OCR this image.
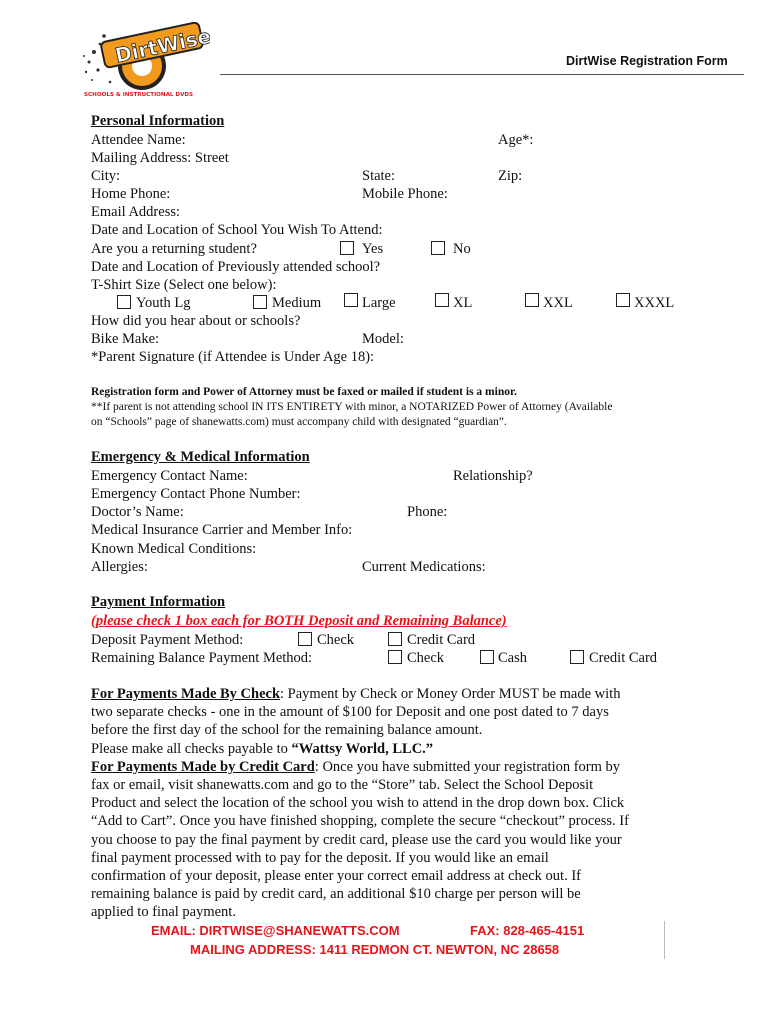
DirtWise
SCHOOLS & INSTRUCTIONAL DVDS
DirtWise Registration Form
Personal Information
Attendee Name:	Age*:
Mailing Address: Street
City:	State:	Zip:
Home Phone:	Mobile Phone:
Email Address:
Date and Location of School You Wish To Attend:
Are you a returning student?	Yes	No
Date and Location of Previously attended school?
T-Shirt Size (Select one below):
Youth Lg	Medium	Large	XL	XXL	XXXL
How did you hear about or schools?
Bike Make:	Model:
*Parent Signature (if Attendee is Under Age 18):
Registration form and Power of Attorney must be faxed or mailed if student is a minor.
**If parent is not attending school IN ITS ENTIRETY with minor, a NOTARIZED Power of Attorney (Available
on “Schools” page of shanewatts.com) must accompany child with designated “guardian”.
Emergency & Medical Information
Emergency Contact Name:	Relationship?
Emergency Contact Phone Number:
Doctor’s Name:	Phone:
Medical Insurance Carrier and Member Info:
Known Medical Conditions:
Allergies:	Current Medications:
Payment Information
(please check 1 box each for BOTH Deposit and Remaining Balance)
Deposit Payment Method:	Check	Credit Card
Remaining Balance Payment Method:	Check	Cash	Credit Card
For Payments Made By Check: Payment by Check or Money Order MUST be made with
two separate checks - one in the amount of $100 for Deposit and one post dated to 7 days
before the first day of the school for the remaining balance amount.
Please make all checks payable to “Wattsy World, LLC.”
For Payments Made by Credit Card: Once you have submitted your registration form by
fax or email, visit shanewatts.com and go to the “Store” tab. Select the School Deposit
Product and select the location of the school you wish to attend in the drop down box. Click
“Add to Cart”. Once you have finished shopping, complete the secure “checkout” process. If
you choose to pay the final payment by credit card, please use the card you would like your
final payment processed with to pay for the deposit. If you would like an email
confirmation of your deposit, please enter your correct email address at check out. If
remaining balance is paid by credit card, an additional $10 charge per person will be
applied to final payment.
EMAIL: DIRTWISE@SHANEWATTS.COM	FAX: 828-465-4151
MAILING ADDRESS: 1411 REDMON CT. NEWTON, NC 28658
